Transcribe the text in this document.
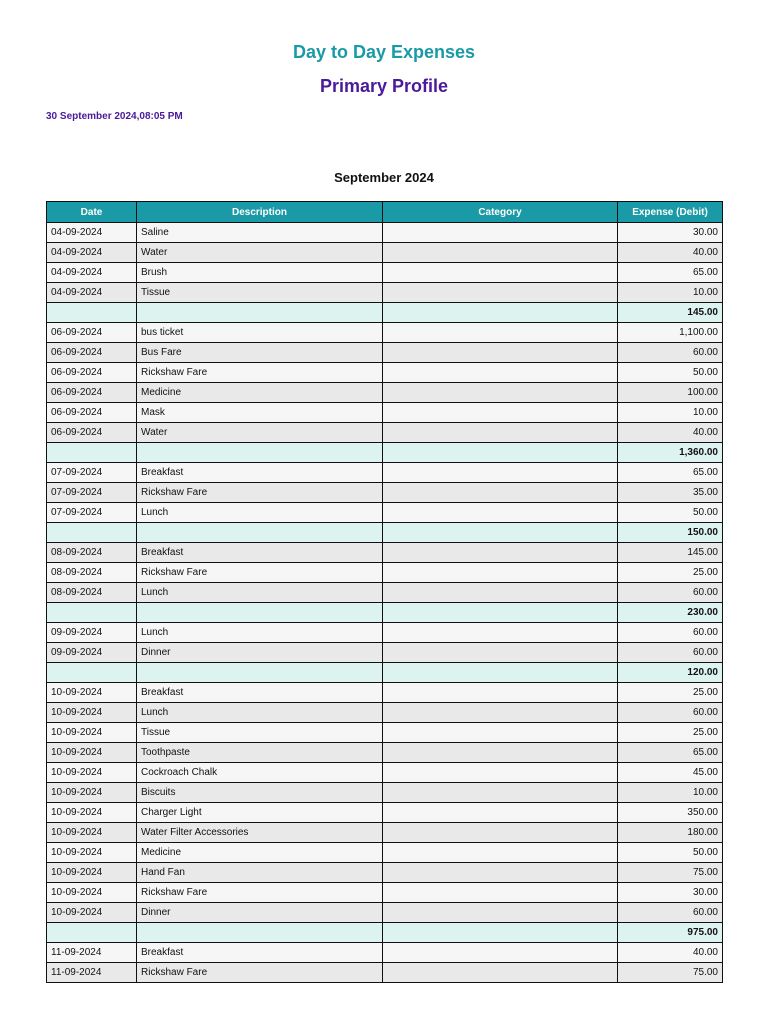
Day to Day Expenses
Primary Profile
30 September 2024,08:05 PM
September 2024
Date	Description	Category	Expense (Debit)
04-09-2024	Saline		30.00
04-09-2024	Water		40.00
04-09-2024	Brush		65.00
04-09-2024	Tissue		10.00
			145.00
06-09-2024	bus ticket		1,100.00
06-09-2024	Bus Fare		60.00
06-09-2024	Rickshaw Fare		50.00
06-09-2024	Medicine		100.00
06-09-2024	Mask		10.00
06-09-2024	Water		40.00
			1,360.00
07-09-2024	Breakfast		65.00
07-09-2024	Rickshaw Fare		35.00
07-09-2024	Lunch		50.00
			150.00
08-09-2024	Breakfast		145.00
08-09-2024	Rickshaw Fare		25.00
08-09-2024	Lunch		60.00
			230.00
09-09-2024	Lunch		60.00
09-09-2024	Dinner		60.00
			120.00
10-09-2024	Breakfast		25.00
10-09-2024	Lunch		60.00
10-09-2024	Tissue		25.00
10-09-2024	Toothpaste		65.00
10-09-2024	Cockroach Chalk		45.00
10-09-2024	Biscuits		10.00
10-09-2024	Charger Light		350.00
10-09-2024	Water Filter Accessories		180.00
10-09-2024	Medicine		50.00
10-09-2024	Hand Fan		75.00
10-09-2024	Rickshaw Fare		30.00
10-09-2024	Dinner		60.00
			975.00
11-09-2024	Breakfast		40.00
11-09-2024	Rickshaw Fare		75.00
